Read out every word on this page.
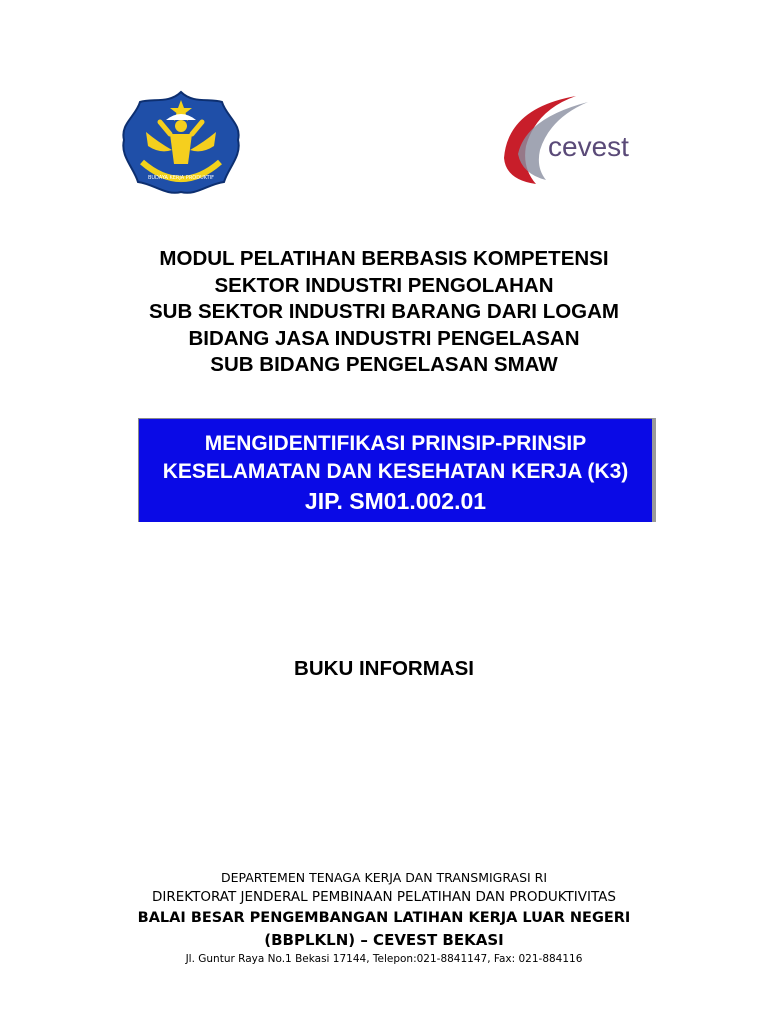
BUDAYA KERJA PRODUKTIF
cevest
MODUL PELATIHAN BERBASIS KOMPETENSI
SEKTOR INDUSTRI PENGOLAHAN
SUB SEKTOR INDUSTRI BARANG DARI LOGAM
BIDANG JASA INDUSTRI PENGELASAN
SUB BIDANG PENGELASAN SMAW
MENGIDENTIFIKASI PRINSIP-PRINSIP
KESELAMATAN DAN KESEHATAN KERJA (K3)
JIP. SM01.002.01
BUKU INFORMASI
DEPARTEMEN TENAGA KERJA DAN TRANSMIGRASI RI
DIREKTORAT JENDERAL PEMBINAAN PELATIHAN DAN PRODUKTIVITAS
BALAI BESAR PENGEMBANGAN LATIHAN KERJA LUAR NEGERI
(BBPLKLN) – CEVEST BEKASI
Jl. Guntur Raya No.1 Bekasi 17144, Telepon:021-8841147, Fax: 021-884116
